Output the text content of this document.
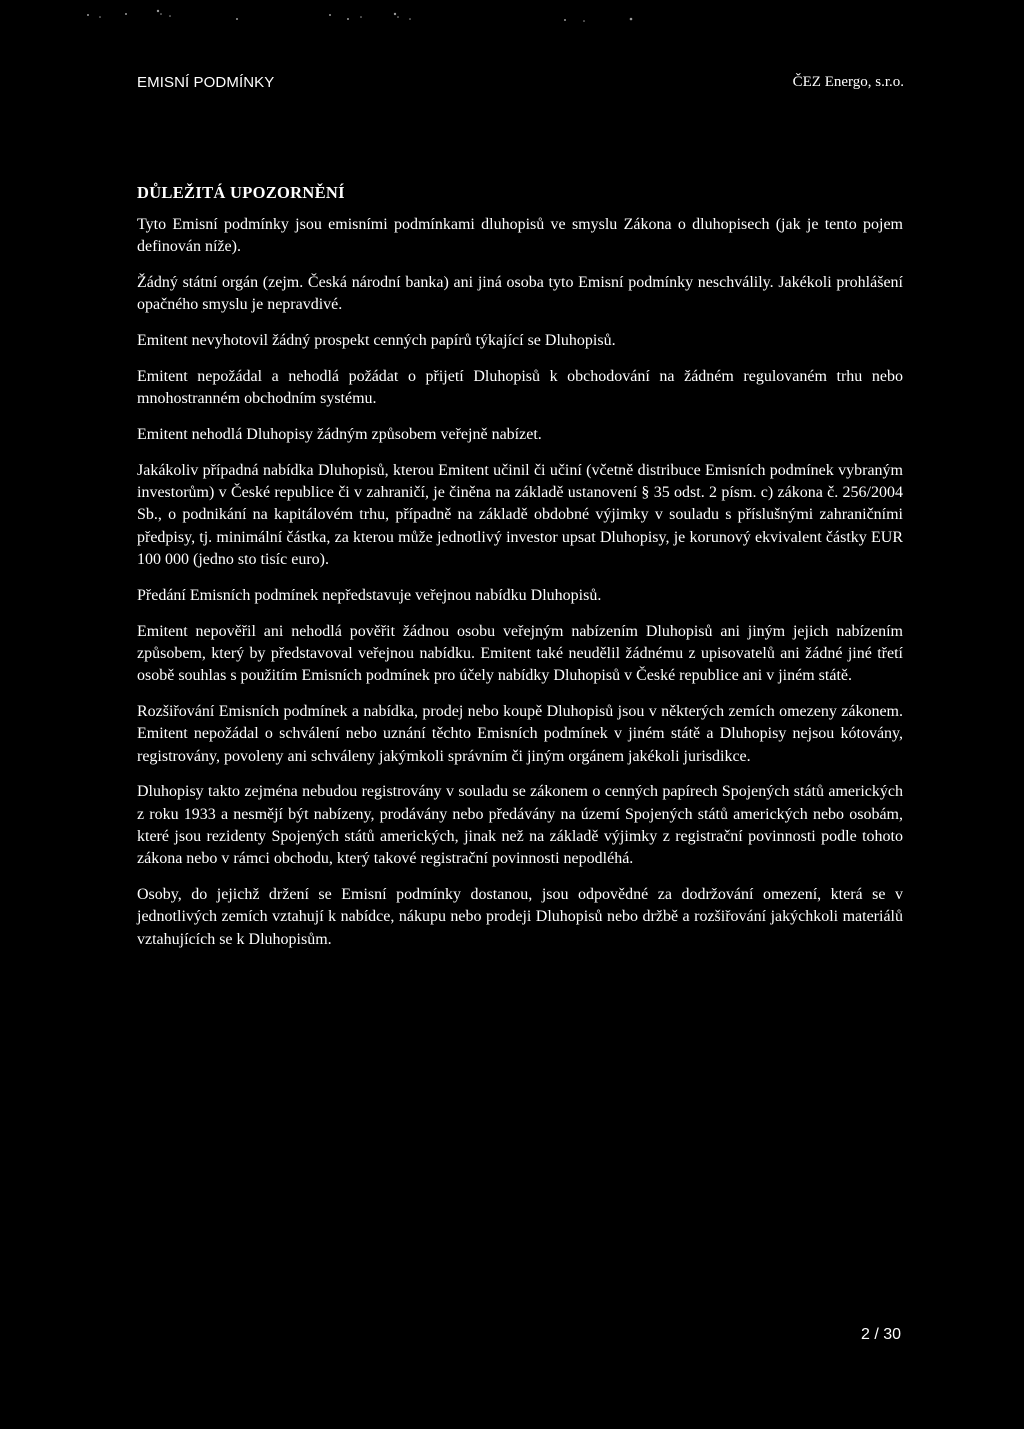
EMISNÍ PODMÍNKY	ČEZ Energo, s.r.o.
DŮLEŽITÁ UPOZORNĚNÍ

Tyto Emisní podmínky jsou emisními podmínkami dluhopisů ve smyslu Zákona o dluhopisech (jak je tento pojem definován níže).

Žádný státní orgán (zejm. Česká národní banka) ani jiná osoba tyto Emisní podmínky neschválily. Jakékoli prohlášení opačného smyslu je nepravdivé.

Emitent nevyhotovil žádný prospekt cenných papírů týkající se Dluhopisů.

Emitent nepožádal a nehodlá požádat o přijetí Dluhopisů k obchodování na žádném regulovaném trhu nebo mnohostranném obchodním systému.

Emitent nehodlá Dluhopisy žádným způsobem veřejně nabízet.

Jakákoliv případná nabídka Dluhopisů, kterou Emitent učinil či učiní (včetně distribuce Emisních podmínek vybraným investorům) v České republice či v zahraničí, je činěna na základě ustanovení § 35 odst. 2 písm. c) zákona č. 256/2004 Sb., o podnikání na kapitálovém trhu, případně na základě obdobné výjimky v souladu s příslušnými zahraničními předpisy, tj. minimální částka, za kterou může jednotlivý investor upsat Dluhopisy, je korunový ekvivalent částky EUR 100 000 (jedno sto tisíc euro).

Předání Emisních podmínek nepředstavuje veřejnou nabídku Dluhopisů.

Emitent nepověřil ani nehodlá pověřit žádnou osobu veřejným nabízením Dluhopisů ani jiným jejich nabízením způsobem, který by představoval veřejnou nabídku. Emitent také neudělil žádnému z upisovatelů ani žádné jiné třetí osobě souhlas s použitím Emisních podmínek pro účely nabídky Dluhopisů v České republice ani v jiném státě.

Rozšiřování Emisních podmínek a nabídka, prodej nebo koupě Dluhopisů jsou v některých zemích omezeny zákonem. Emitent nepožádal o schválení nebo uznání těchto Emisních podmínek v jiném státě a Dluhopisy nejsou kótovány, registrovány, povoleny ani schváleny jakýmkoli správním či jiným orgánem jakékoli jurisdikce.

Dluhopisy takto zejména nebudou registrovány v souladu se zákonem o cenných papírech Spojených států amerických z roku 1933 a nesmějí být nabízeny, prodávány nebo předávány na území Spojených států amerických nebo osobám, které jsou rezidenty Spojených států amerických, jinak než na základě výjimky z registrační povinnosti podle tohoto zákona nebo v rámci obchodu, který takové registrační povinnosti nepodléhá.

Osoby, do jejichž držení se Emisní podmínky dostanou, jsou odpovědné za dodržování omezení, která se v jednotlivých zemích vztahují k nabídce, nákupu nebo prodeji Dluhopisů nebo držbě a rozšiřování jakýchkoli materiálů vztahujících se k Dluhopisům.

2 / 30
